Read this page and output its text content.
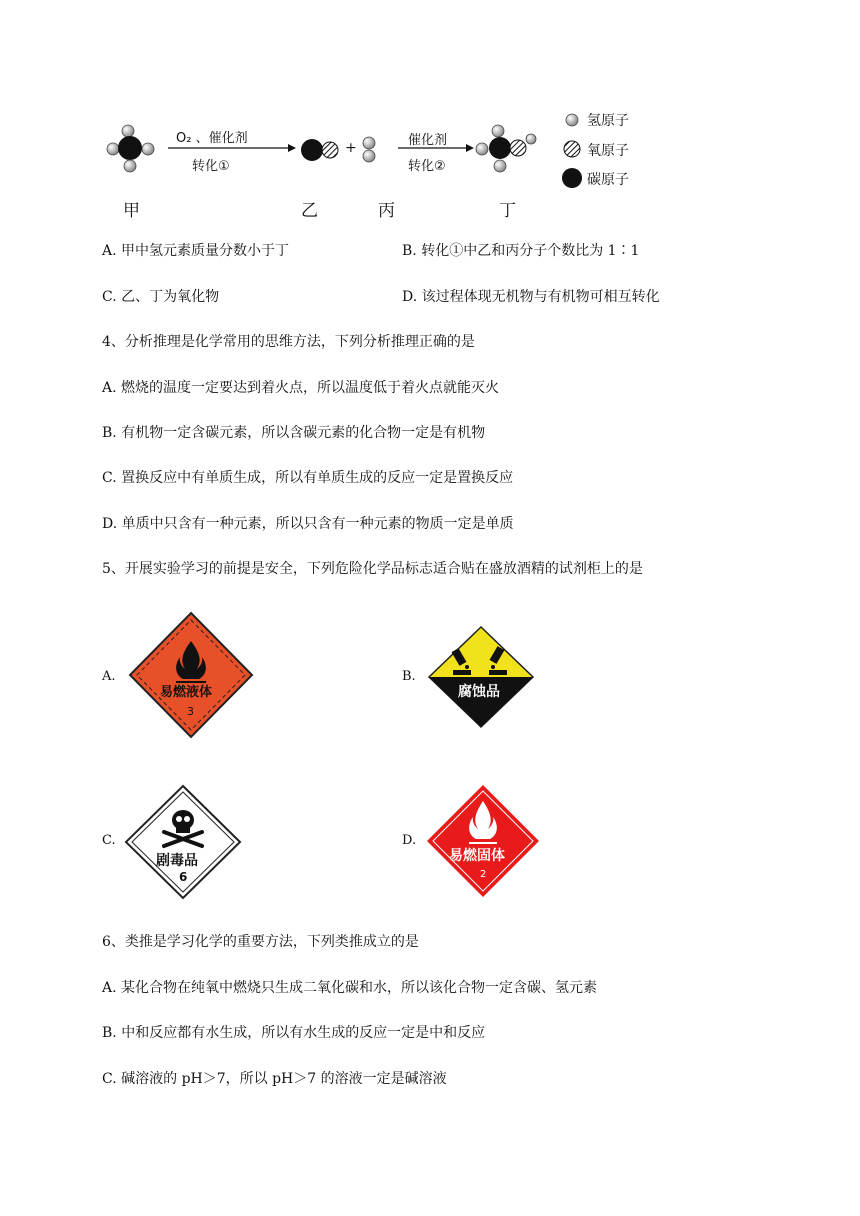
O₂ 、催化剂
转化①
+	催化剂
转化②
氢原子
氧原子
碳原子
甲	乙	丙	丁
A. 甲中氢元素质量分数小于丁	B. 转化①中乙和丙分子个数比为 1∶1
C. 乙、丁为氧化物	D. 该过程体现无机物与有机物可相互转化
4、分析推理是化学常用的思维方法，下列分析推理正确的是
A. 燃烧的温度一定要达到着火点，所以温度低于着火点就能灭火
B. 有机物一定含碳元素，所以含碳元素的化合物一定是有机物
C. 置换反应中有单质生成，所以有单质生成的反应一定是置换反应
D. 单质中只含有一种元素，所以只含有一种元素的物质一定是单质
5、开展实验学习的前提是安全，下列危险化学品标志适合贴在盛放酒精的试剂柜上的是
A.
易燃液体
3
B.
腐蚀品
C.
剧毒品
6
D.
易燃固体
2
6、类推是学习化学的重要方法，下列类推成立的是
A. 某化合物在纯氧中燃烧只生成二氧化碳和水，所以该化合物一定含碳、氢元素
B. 中和反应都有水生成，所以有水生成的反应一定是中和反应
C. 碱溶液的 pH＞7，所以 pH＞7 的溶液一定是碱溶液
